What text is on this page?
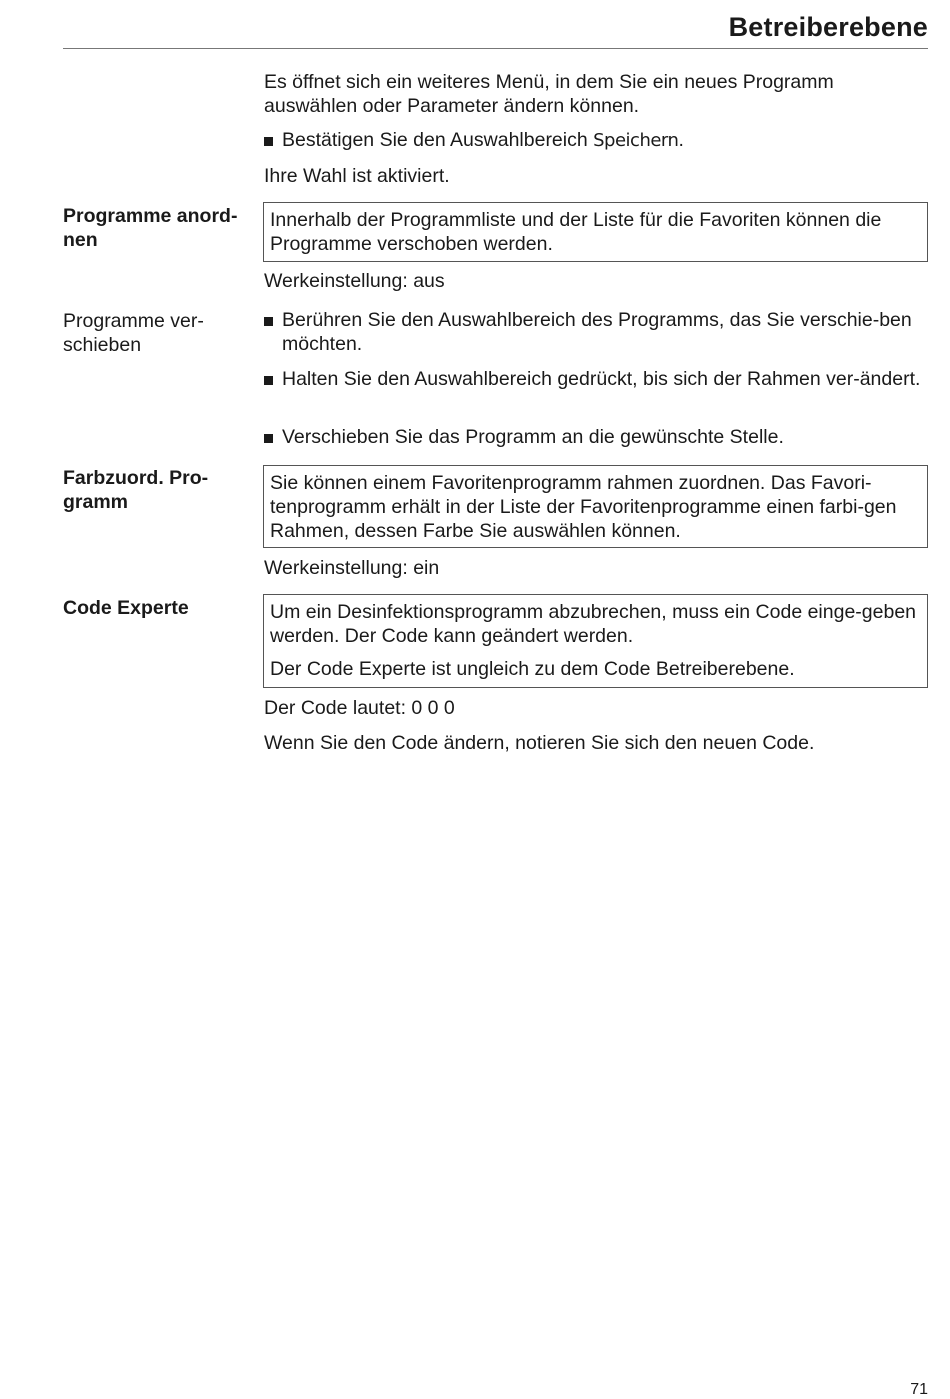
Betreiberebene

Es öffnet sich ein weiteres Menü, in dem Sie ein neues Programm auswählen oder Parameter ändern können.

Bestätigen Sie den Auswahlbereich Speichern.

Ihre Wahl ist aktiviert.

Programme anord-
nen

Innerhalb der Programmliste und der Liste für die Favoriten können die Programme verschoben werden.

Werkeinstellung: aus

Programme ver-
schieben
Berühren Sie den Auswahlbereich des Programms, das Sie verschie-ben möchten.
Halten Sie den Auswahlbereich gedrückt, bis sich der Rahmen ver-ändert.
Verschieben Sie das Programm an die gewünschte Stelle.
Farbzuord. Pro-
gramm

Sie können einem Favoritenprogramm rahmen zuordnen. Das Favori-tenprogramm erhält in der Liste der Favoritenprogramme einen farbi-gen Rahmen, dessen Farbe Sie auswählen können.

Werkeinstellung: ein

Code Experte	Um ein Desinfektionsprogramm abzubrechen, muss ein Code einge-geben werden. Der Code kann geändert werden.

Der Code Experte ist ungleich zu dem Code Betreiberebene.

Der Code lautet: 0 0 0

Wenn Sie den Code ändern, notieren Sie sich den neuen Code.

71
